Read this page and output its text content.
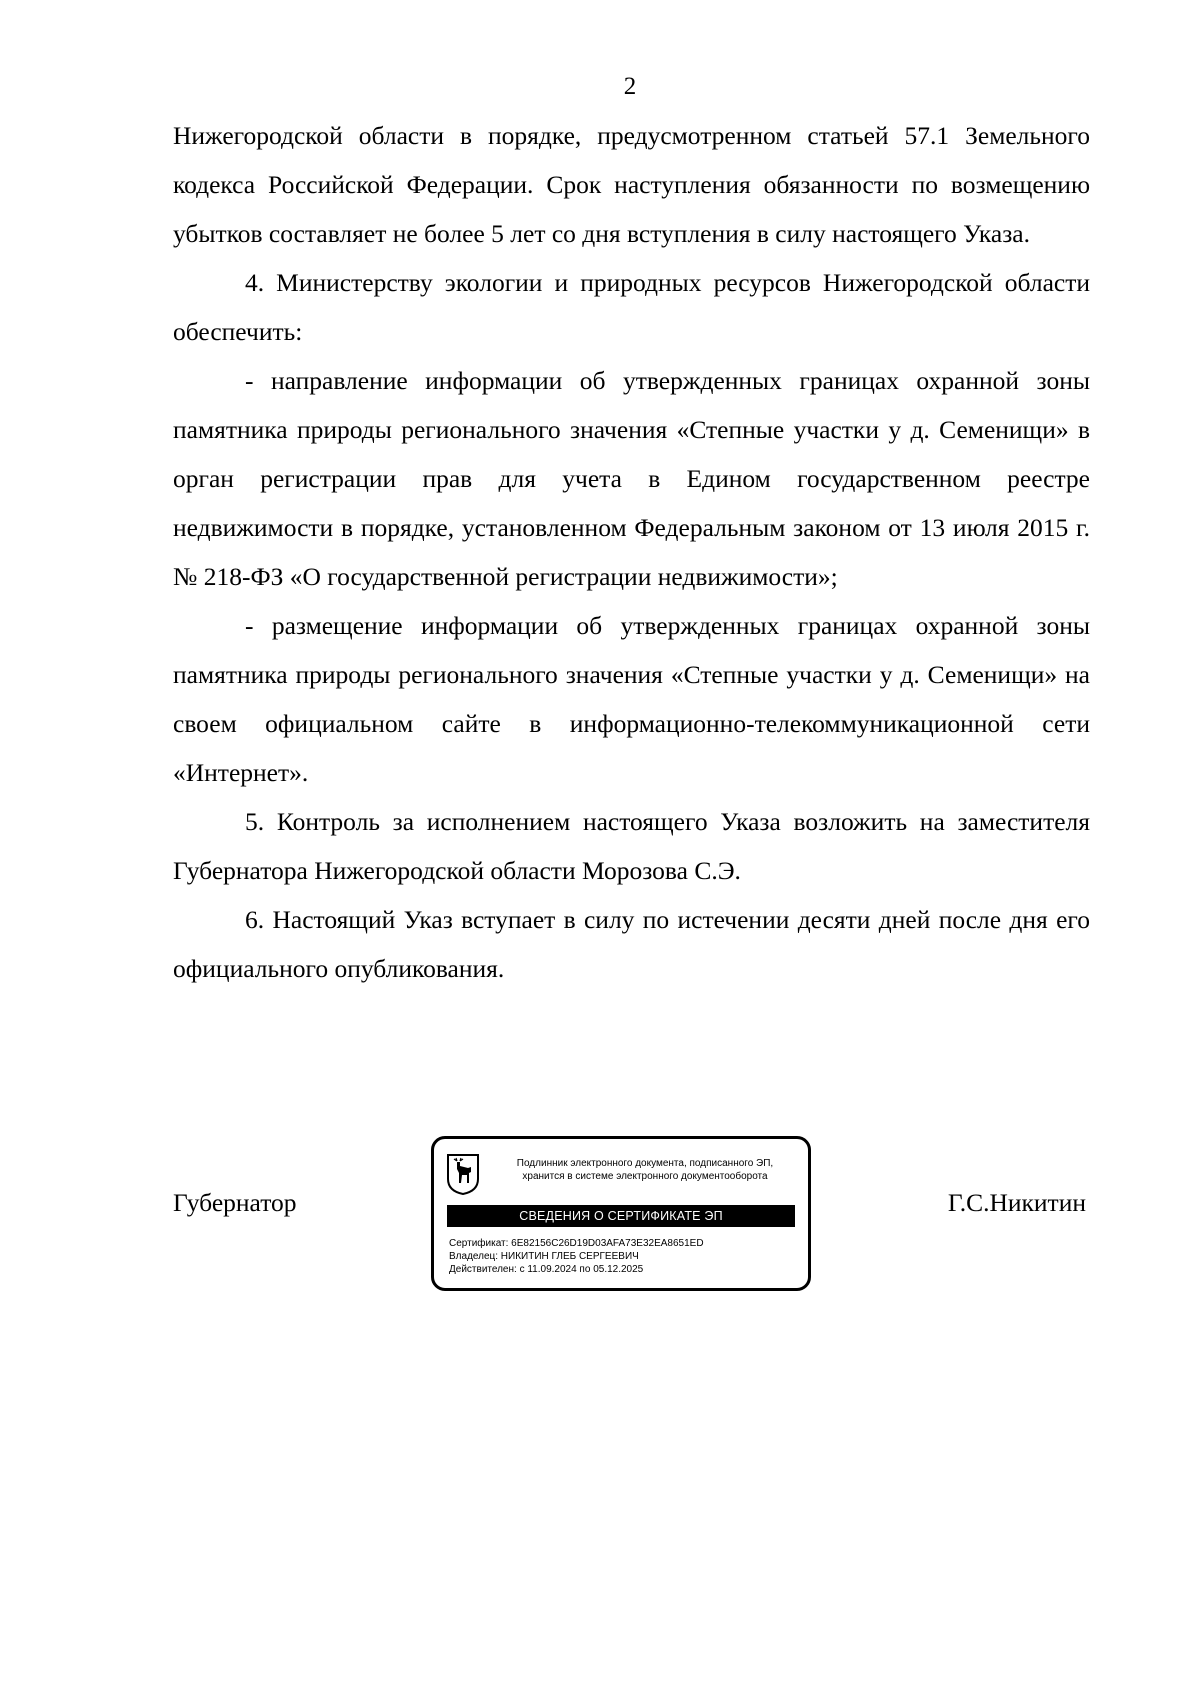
2

Нижегородской области в порядке, предусмотренном статьей 57.1 Земельного кодекса Российской Федерации. Срок наступления обязанности по возмещению убытков составляет не более 5 лет со дня вступления в силу настоящего Указа.

4. Министерству экологии и природных ресурсов Нижегородской области обеспечить:

- направление информации об утвержденных границах охранной зоны памятника природы регионального значения «Степные участки у д. Семенищи» в орган регистрации прав для учета в Едином государственном реестре недвижимости в порядке, установленном Федеральным законом от 13 июля 2015 г. № 218-ФЗ «О государственной регистрации недвижимости»;

- размещение информации об утвержденных границах охранной зоны памятника природы регионального значения «Степные участки у д. Семенищи» на своем официальном сайте в информационно-телекоммуникационной сети «Интернет».

5. Контроль за исполнением настоящего Указа возложить на заместителя Губернатора Нижегородской области Морозова С.Э.

6. Настоящий Указ вступает в силу по истечении десяти дней после дня его официального опубликования.

Губернатор
Подлинник электронного документа, подписанного ЭП,
хранится в системе электронного документооборота
СВЕДЕНИЯ О СЕРТИФИКАТЕ ЭП
Сертификат: 6E82156C26D19D03AFA73E32EA8651ED
Владелец: НИКИТИН ГЛЕБ СЕРГЕЕВИЧ
Действителен: с 11.09.2024 по 05.12.2025
Г.С.Никитин
